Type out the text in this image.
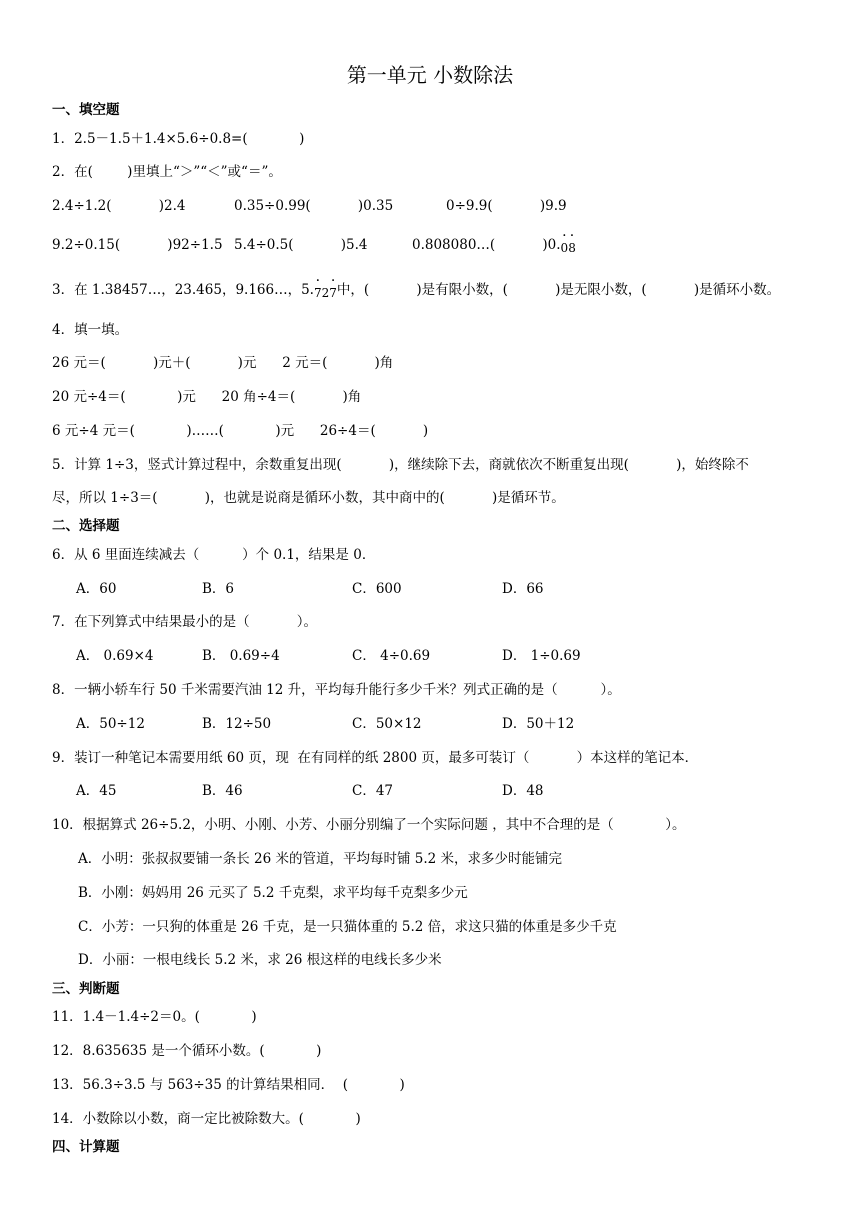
第一单元 小数除法
一、填空题
1．2.5－1.5＋1.4×5.6÷0.8=(            )
2．在(        )里填上“＞”“＜”或“＝”。
2.4÷1.2(           )2.4	0.35÷0.99(           )0.35	0÷9.9(           )9.9
9.2÷0.15(           )92÷1.5 5.4÷0.5(           )5.4	0.808080…(           )0.0 ·8 ·
3．在 1.38457…，23.465，9.166…，5.7 ·27 ·中，(           )是有限小数，(           )是无限小数，(           )是循环小数。
4．填一填。
26 元＝(           )元＋(           )元      2 元＝(           )角
20 元÷4＝(            )元      20 角÷4＝(           )角
6 元÷4 元＝(            )……(            )元      26÷4＝(           )
5．计算 1÷3，竖式计算过程中，余数重复出现(           )，继续除下去，商就依次不断重复出现(           )，始终除不
尽，所以 1÷3＝(           )，也就是说商是循环小数，其中商中的(           )是循环节。
二、选择题
6．从 6 里面连续减去（          ）个 0.1，结果是 0．
A．60	B．6	C．600	D．66
7．在下列算式中结果最小的是（           ）。
A． 0.69×4	B． 0.69÷4	C． 4÷0.69	D． 1÷0.69
8．一辆小轿车行 50 千米需要汽油 12 升，平均每升能行多少千米？列式正确的是（          ）。
A．50÷12	B．12÷50	C．50×12	D．50＋12
9．装订一种笔记本需要用纸 60 页，现  在有同样的纸 2800 页，最多可装订（           ）本这样的笔记本．
A．45	B．46	C．47	D．48
10．根据算式 26÷5.2，小明、小刚、小芳、小丽分别编了一个实际问题 ，其中不合理的是（            ）。
A．小明：张叔叔要铺一条长 26 米的管道，平均每时铺 5.2 米，求多少时能铺完
B．小刚：妈妈用 26 元买了 5.2 千克梨，求平均每千克梨多少元
C．小芳：一只狗的体重是 26 千克，是一只猫体重的 5.2 倍，求这只猫的体重是多少千克
D．小丽：一根电线长 5.2 米，求 26 根这样的电线长多少米
三、判断题
11．1.4－1.4÷2＝0。(            )
12．8.635635 是一个循环小数。(            )
13．56.3÷3.5 与 563÷35 的计算结果相同．  (            )
14．小数除以小数，商一定比被除数大。(            )
四、计算题
